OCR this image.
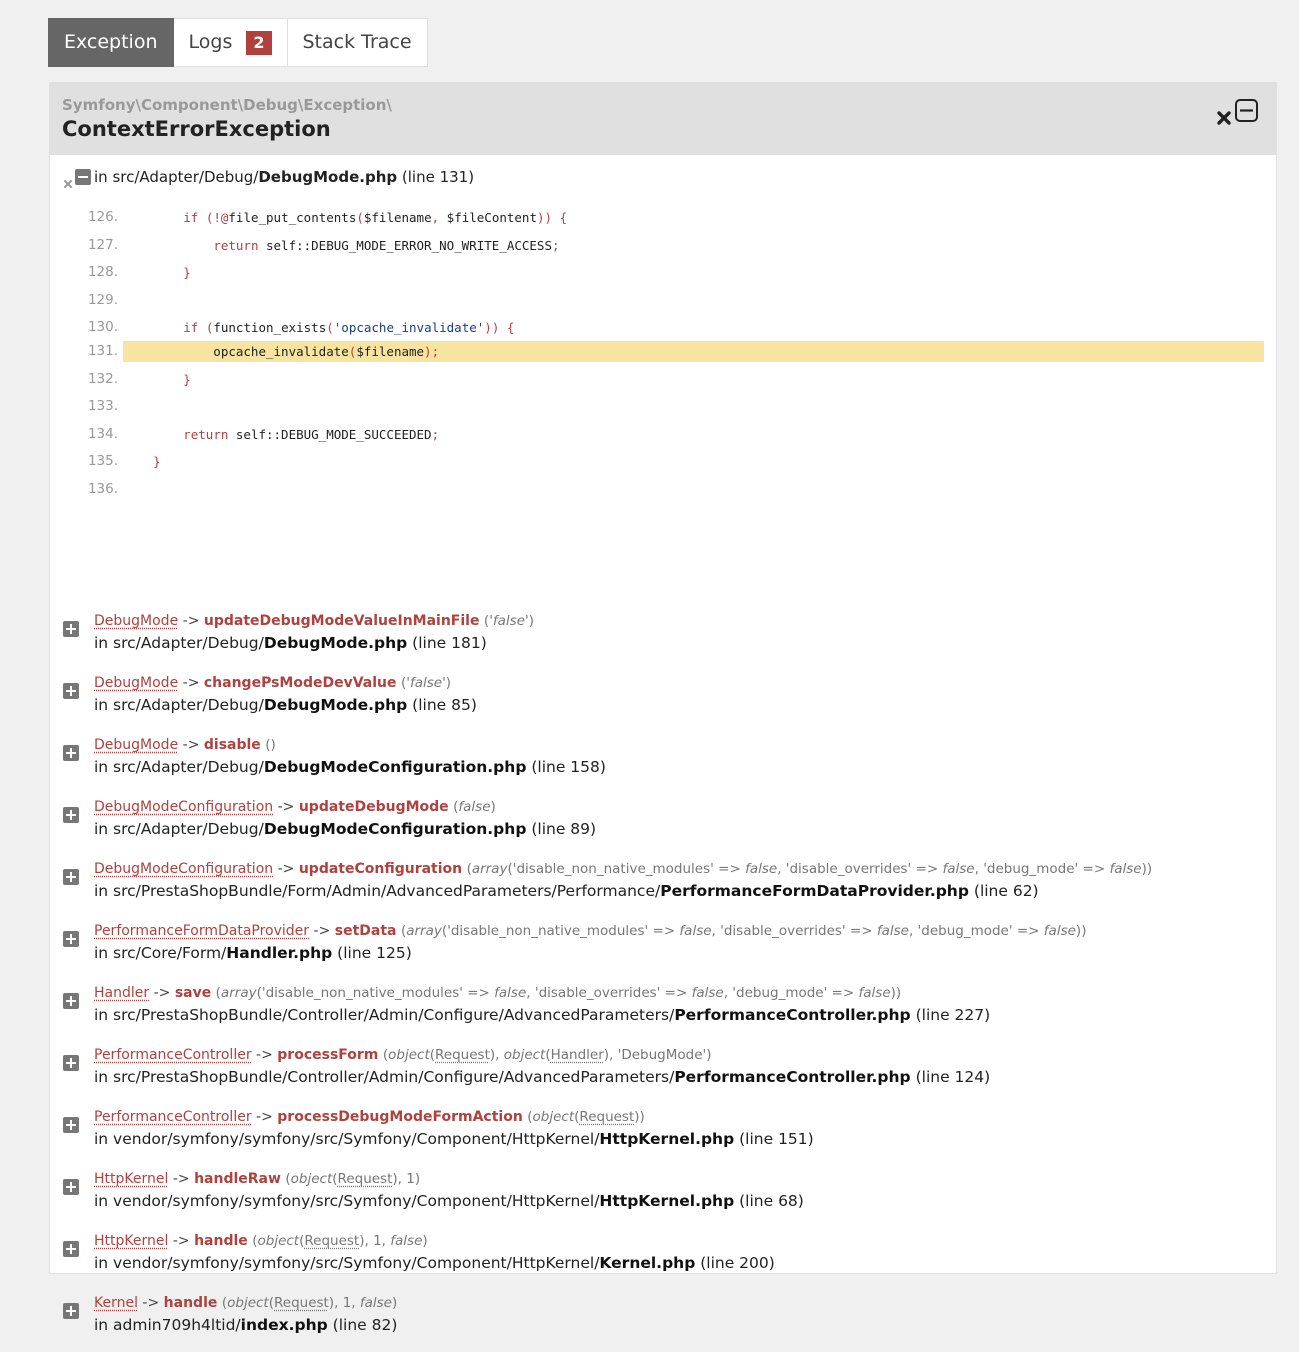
Exception Logs	2	Stack Trace
Symfony\Component\Debug\Exception\
ContextErrorException
in src/Adapter/Debug/ DebugMode.php
(line 131)
126.	if (!@file_put_contents($filename, $fileContent)) {
127.	return self::DEBUG_MODE_ERROR_NO_WRITE_ACCESS;
128.	}
129.

130.	if (function_exists('opcache_invalidate')) {
131. opcache_invalidate($filename);
132.	}
133.

134.	return self::DEBUG_MODE_SUCCEEDED;
135.	}
136.

DebugMode -> updateDebugModeValueInMainFile ('false')
in src/Adapter/Debug/DebugMode.php (line 181)
DebugMode -> changePsModeDevValue ('false')
in src/Adapter/Debug/DebugMode.php (line 85)
DebugMode -> disable ()
in src/Adapter/Debug/DebugModeConfiguration.php (line 158)
DebugModeConfiguration -> updateDebugMode (false)
in src/Adapter/Debug/DebugModeConfiguration.php (line 89)
DebugModeConfiguration -> updateConfiguration (array('disable_non_native_modules' => false, 'disable_overrides' => false, 'debug_mode' => false))
in src/PrestaShopBundle/Form/Admin/AdvancedParameters/Performance/PerformanceFormDataProvider.php (line 62)
PerformanceFormDataProvider -> setData (array('disable_non_native_modules' => false, 'disable_overrides' => false, 'debug_mode' => false))
in src/Core/Form/Handler.php (line 125)
Handler -> save (array('disable_non_native_modules' => false, 'disable_overrides' => false, 'debug_mode' => false))
in src/PrestaShopBundle/Controller/Admin/Configure/AdvancedParameters/PerformanceController.php (line 227)
PerformanceController -> processForm (object(Request), object(Handler), 'DebugMode')
in src/PrestaShopBundle/Controller/Admin/Configure/AdvancedParameters/PerformanceController.php (line 124)
PerformanceController -> processDebugModeFormAction (object(Request))
in vendor/symfony/symfony/src/Symfony/Component/HttpKernel/HttpKernel.php (line 151)
HttpKernel -> handleRaw (object(Request), 1)
in vendor/symfony/symfony/src/Symfony/Component/HttpKernel/HttpKernel.php (line 68)
HttpKernel -> handle (object(Request), 1, false)
in vendor/symfony/symfony/src/Symfony/Component/HttpKernel/Kernel.php (line 200)
Kernel -> handle (object(Request), 1, false)
in admin709h4ltid/index.php (line 82)
